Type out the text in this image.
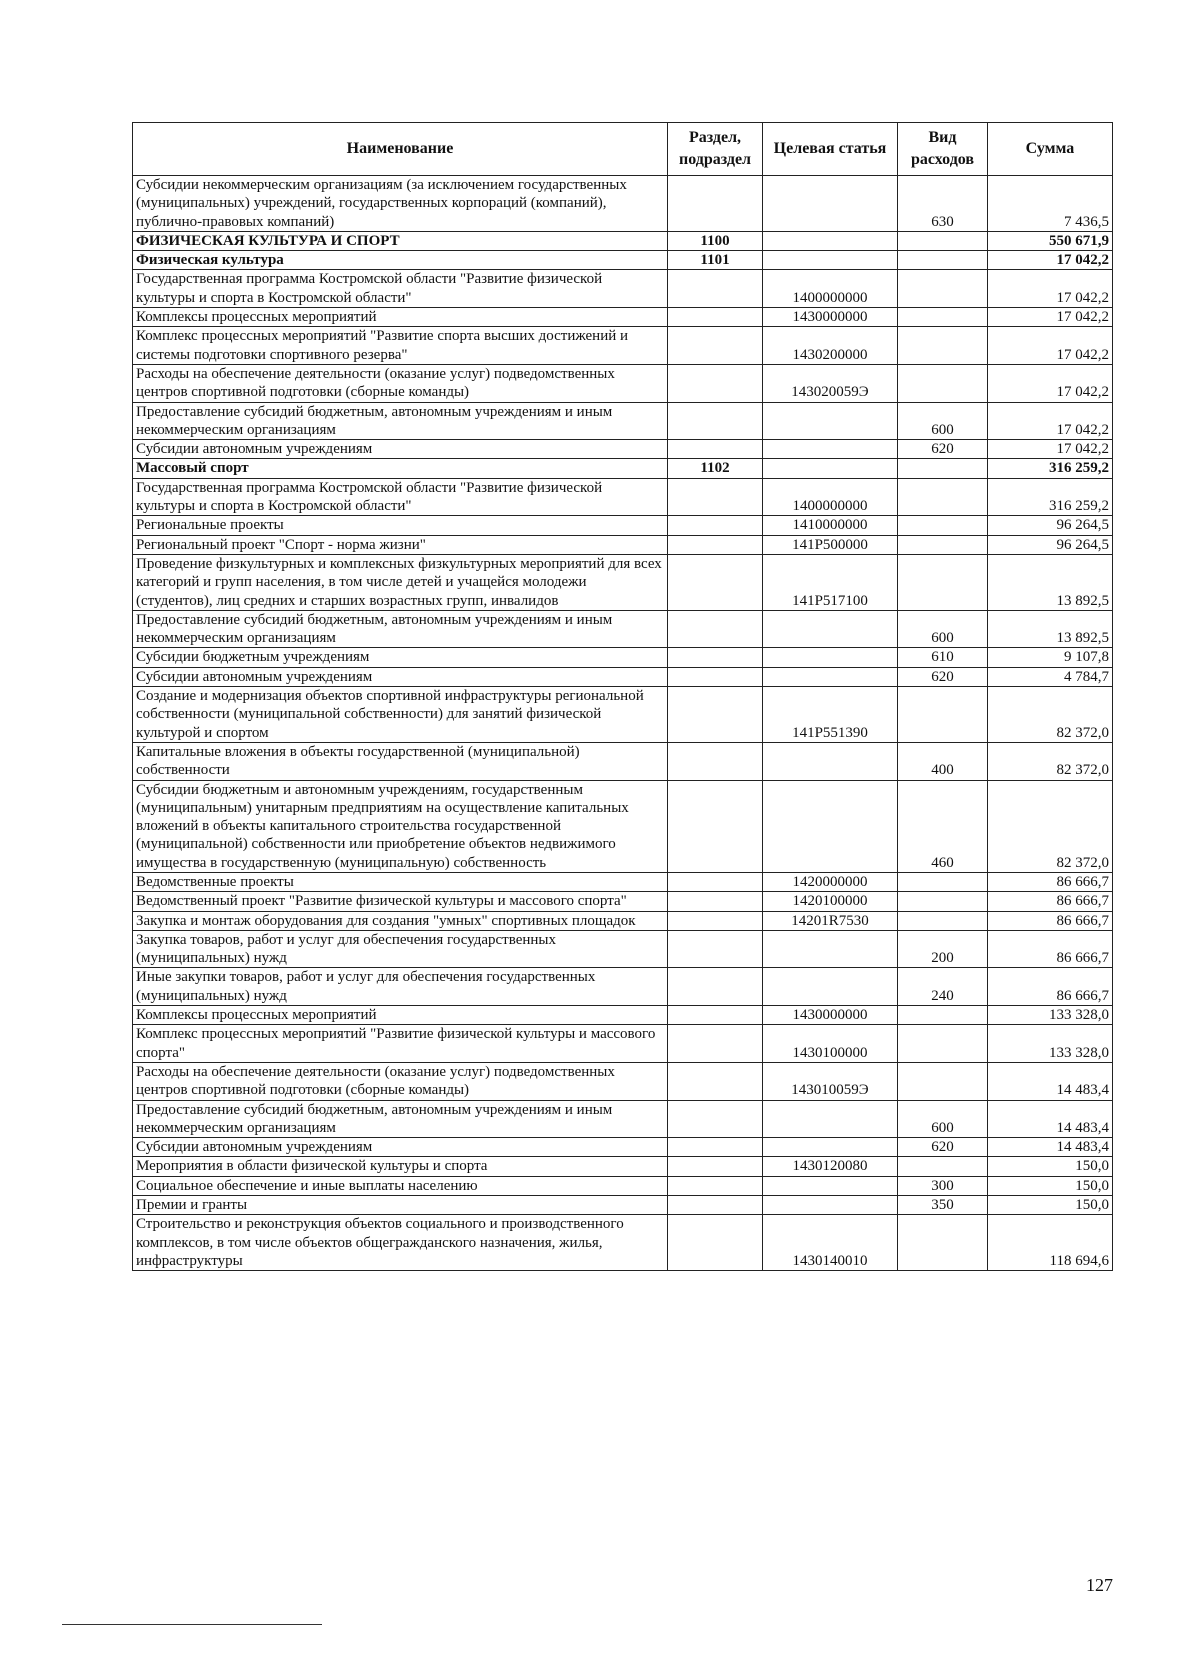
Наименование	Раздел, подраздел	Целевая статья	Вид расходов	Сумма
Субсидии некоммерческим организациям (за исключением государственных (муниципальных) учреждений, государственных корпораций (компаний), публично-правовых компаний)			630	7 436,5
ФИЗИЧЕСКАЯ КУЛЬТУРА И СПОРТ	1100			550 671,9
Физическая культура	1101			17 042,2
Государственная программа Костромской области "Развитие физической культуры и спорта в Костромской области"		1400000000		17 042,2
Комплексы процессных мероприятий		1430000000		17 042,2
Комплекс процессных мероприятий "Развитие спорта высших достижений и системы подготовки спортивного резерва"		1430200000		17 042,2
Расходы на обеспечение деятельности (оказание услуг) подведомственных центров спортивной подготовки (сборные команды)		143020059Э		17 042,2
Предоставление субсидий бюджетным, автономным учреждениям и иным некоммерческим организациям			600	17 042,2
Субсидии автономным учреждениям			620	17 042,2
Массовый спорт	1102			316 259,2
Государственная программа Костромской области "Развитие физической культуры и спорта в Костромской области"		1400000000		316 259,2
Региональные проекты		1410000000		96 264,5
Региональный проект "Спорт - норма жизни"		141P500000		96 264,5
Проведение физкультурных и комплексных физкультурных мероприятий для всех категорий и групп населения, в том числе детей и учащейся молодежи (студентов), лиц средних и старших возрастных групп, инвалидов		141P517100		13 892,5
Предоставление субсидий бюджетным, автономным учреждениям и иным некоммерческим организациям			600	13 892,5
Субсидии бюджетным учреждениям			610	9 107,8
Субсидии автономным учреждениям			620	4 784,7
Создание и модернизация объектов спортивной инфраструктуры региональной собственности (муниципальной собственности) для занятий физической культурой и спортом		141P551390		82 372,0
Капитальные вложения в объекты государственной (муниципальной) собственности			400	82 372,0
Субсидии бюджетным и автономным учреждениям, государственным (муниципальным) унитарным предприятиям на осуществление капитальных вложений в объекты капитального строительства государственной (муниципальной) собственности или приобретение объектов недвижимого имущества в государственную (муниципальную) собственность			460	82 372,0
Ведомственные проекты		1420000000		86 666,7
Ведомственный проект "Развитие физической культуры и массового спорта"		1420100000		86 666,7
Закупка и монтаж оборудования для создания "умных" спортивных площадок		14201R7530		86 666,7
Закупка товаров, работ и услуг для обеспечения государственных (муниципальных) нужд			200	86 666,7
Иные закупки товаров, работ и услуг для обеспечения государственных (муниципальных) нужд			240	86 666,7
Комплексы процессных мероприятий		1430000000		133 328,0
Комплекс процессных мероприятий "Развитие физической культуры и массового спорта"		1430100000		133 328,0
Расходы на обеспечение деятельности (оказание услуг) подведомственных центров спортивной подготовки (сборные команды)		143010059Э		14 483,4
Предоставление субсидий бюджетным, автономным учреждениям и иным некоммерческим организациям			600	14 483,4
Субсидии автономным учреждениям			620	14 483,4
Мероприятия в области физической культуры и спорта		1430120080		150,0
Социальное обеспечение и иные выплаты населению			300	150,0
Премии и гранты			350	150,0
Строительство и реконструкция объектов социального и производственного комплексов, в том числе объектов общегражданского назначения, жилья, инфраструктуры		1430140010		118 694,6
127
